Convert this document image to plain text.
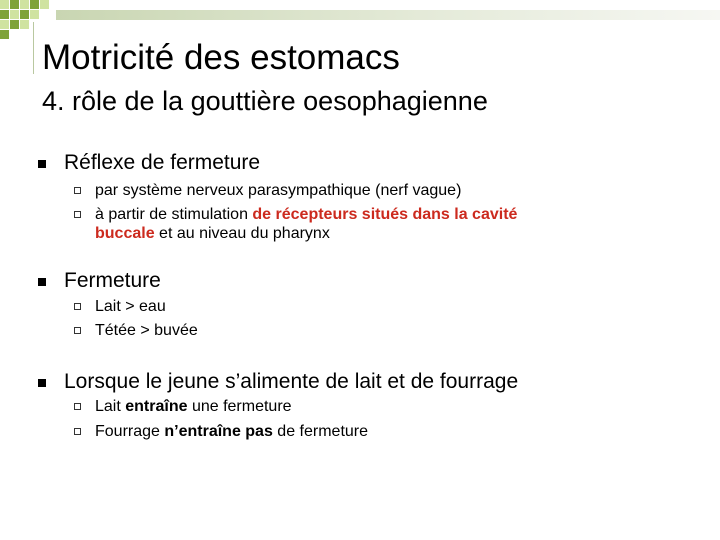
Motricité des estomacs
4. rôle de la gouttière oesophagienne
Réflexe de fermeture
par système nerveux parasympathique (nerf vague)
à partir de stimulation de récepteurs situés dans la cavité
buccale et au niveau du pharynx
Fermeture
Lait > eau
Tétée > buvée
Lorsque le jeune s’alimente de lait et de fourrage
Lait entraîne une fermeture
Fourrage n’entraîne pas de fermeture
